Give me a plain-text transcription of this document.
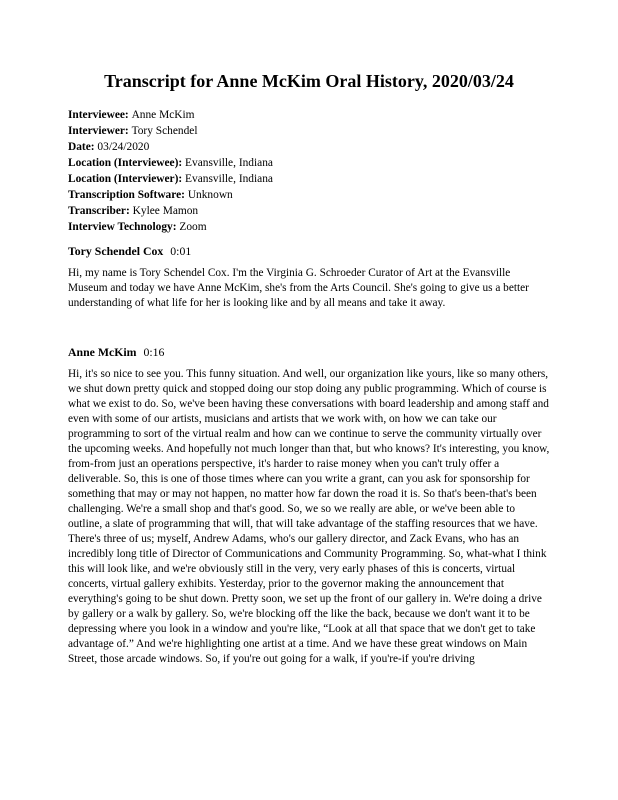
Transcript for Anne McKim Oral History, 2020/03/24
Interviewee: Anne McKim
Interviewer: Tory Schendel
Date: 03/24/2020
Location (Interviewee): Evansville, Indiana
Location (Interviewer): Evansville, Indiana
Transcription Software: Unknown
Transcriber: Kylee Mamon
Interview Technology: Zoom
Tory Schendel Cox 0:01

Hi, my name is Tory Schendel Cox. I'm the Virginia G. Schroeder Curator of Art at the Evansville Museum and today we have Anne McKim, she's from the Arts Council. She's going to give us a better understanding of what life for her is looking like and by all means and take it away.

Anne McKim 0:16

Hi, it's so nice to see you. This funny situation. And well, our organization like yours, like so many others, we shut down pretty quick and stopped doing our stop doing any public programming. Which of course is what we exist to do. So, we've been having these conversations with board leadership and among staff and even with some of our artists, musicians and artists that we work with, on how we can take our programming to sort of the virtual realm and how can we continue to serve the community virtually over the upcoming weeks. And hopefully not much longer than that, but who knows? It's interesting, you know, from-from just an operations perspective, it's harder to raise money when you can't truly offer a deliverable. So, this is one of those times where can you write a grant, can you ask for sponsorship for something that may or may not happen, no matter how far down the road it is. So that's been-that's been challenging. We're a small shop and that's good. So, we so we really are able, or we've been able to outline, a slate of programming that will, that will take advantage of the staffing resources that we have. There's three of us; myself, Andrew Adams, who's our gallery director, and Zack Evans, who has an incredibly long title of Director of Communications and Community Programming. So, what-what I think this will look like, and we're obviously still in the very, very early phases of this is concerts, virtual concerts, virtual gallery exhibits. Yesterday, prior to the governor making the announcement that everything's going to be shut down. Pretty soon, we set up the front of our gallery in. We're doing a drive by gallery or a walk by gallery. So, we're blocking off the like the back, because we don't want it to be depressing where you look in a window and you're like, “Look at all that space that we don't get to take advantage of.” And we're highlighting one artist at a time. And we have these great windows on Main Street, those arcade windows. So, if you're out going for a walk, if you're-if you're driving
